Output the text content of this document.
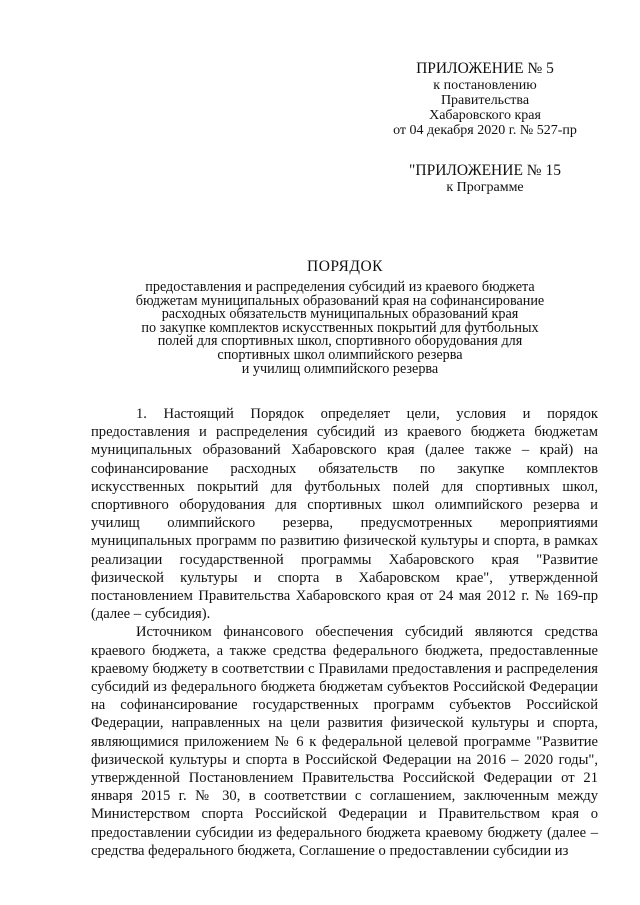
ПРИЛОЖЕНИЕ № 5
к постановлению
Правительства
Хабаровского края
от 04 декабря 2020 г. № 527-пр
"ПРИЛОЖЕНИЕ № 15
к Программе
ПОРЯДОК
предоставления и распределения субсидий из краевого бюджета
бюджетам муниципальных образований края на софинансирование
расходных обязательств муниципальных образований края
по закупке комплектов искусственных покрытий для футбольных
полей для спортивных школ, спортивного оборудования для
спортивных школ олимпийского резерва
и училищ олимпийского резерва

1. Настоящий Порядок определяет цели, условия и порядок предоставления и распределения субсидий из краевого бюджета бюджетам муниципальных образований Хабаровского края (далее также – край) на софинансирование расходных обязательств по закупке комплектов искусственных покрытий для футбольных полей для спортивных школ, спортивного оборудования для спортивных школ олимпийского резерва и училищ олимпийского резерва, предусмотренных мероприятиями муниципальных программ по развитию физической культуры и спорта, в рамках реализации государственной программы Хабаровского края "Развитие физической культуры и спорта в Хабаровском крае", утвержденной постановлением Правительства Хабаровского края от 24 мая 2012 г. № 169-пр (далее – субсидия).

Источником финансового обеспечения субсидий являются средства краевого бюджета, а также средства федерального бюджета, предоставленные краевому бюджету в соответствии с Правилами предоставления и распределения субсидий из федерального бюджета бюджетам субъектов Российской Федерации на софинансирование государственных программ субъектов Российской Федерации, направленных на цели развития физической культуры и спорта, являющимися приложением № 6 к федеральной целевой программе "Развитие физической культуры и спорта в Российской Федерации на 2016 – 2020 годы", утвержденной Постановлением Правительства Российской Федерации от 21 января 2015 г. № 30, в соответствии с соглашением, заключенным между Министерством спорта Российской Федерации и Правительством края о предоставлении субсидии из федерального бюджета краевому бюджету (далее – средства федерального бюджета, Соглашение о предоставлении субсидии из
